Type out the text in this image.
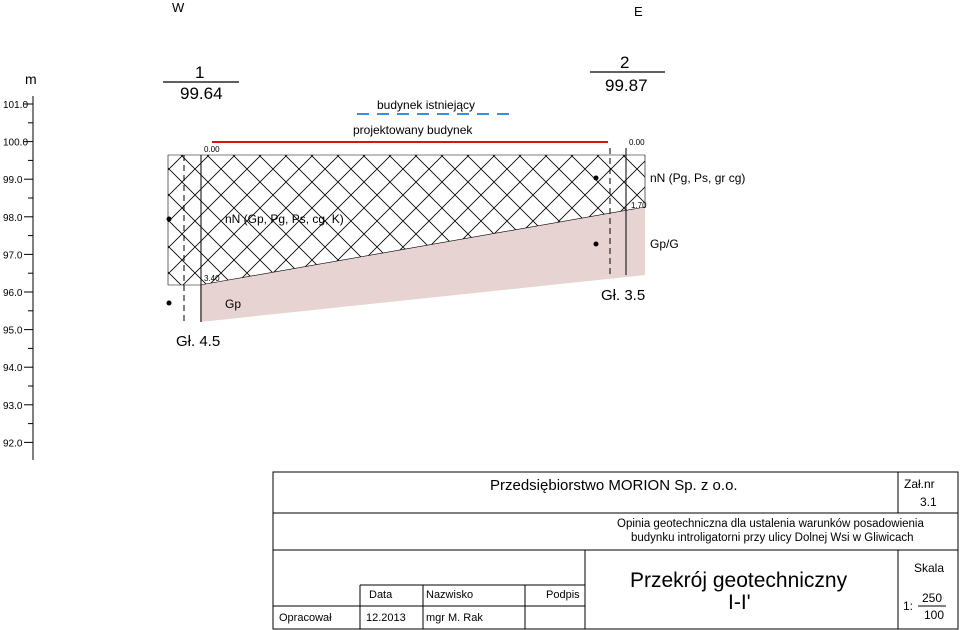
W	E
m
101.0
100.0
99.0
98.0
97.0
96.0
95.0
94.0
93.0
92.0
budynek istniejący
projektowany budynek
1
99.64
0.00
3.40
Gł. 4.5
2
99.87
0.00
1.70
Gł. 3.5
nN (Gp, Pg, Ps, cg, K)
nN (Pg, Ps, gr cg)
Gp
Gp/G
Przedsiębiorstwo MORION Sp. z o.o.	Zał.nr
3.1
Opinia geotechniczna dla ustalenia warunków posadowienia
budynku introligatorni przy ulicy Dolnej Wsi w Gliwicach
Data	Nazwisko	Podpis
Opracował	12.2013 mgr M. Rak
Przekrój geotechniczny
I-I'
Skala
1:
250
100
